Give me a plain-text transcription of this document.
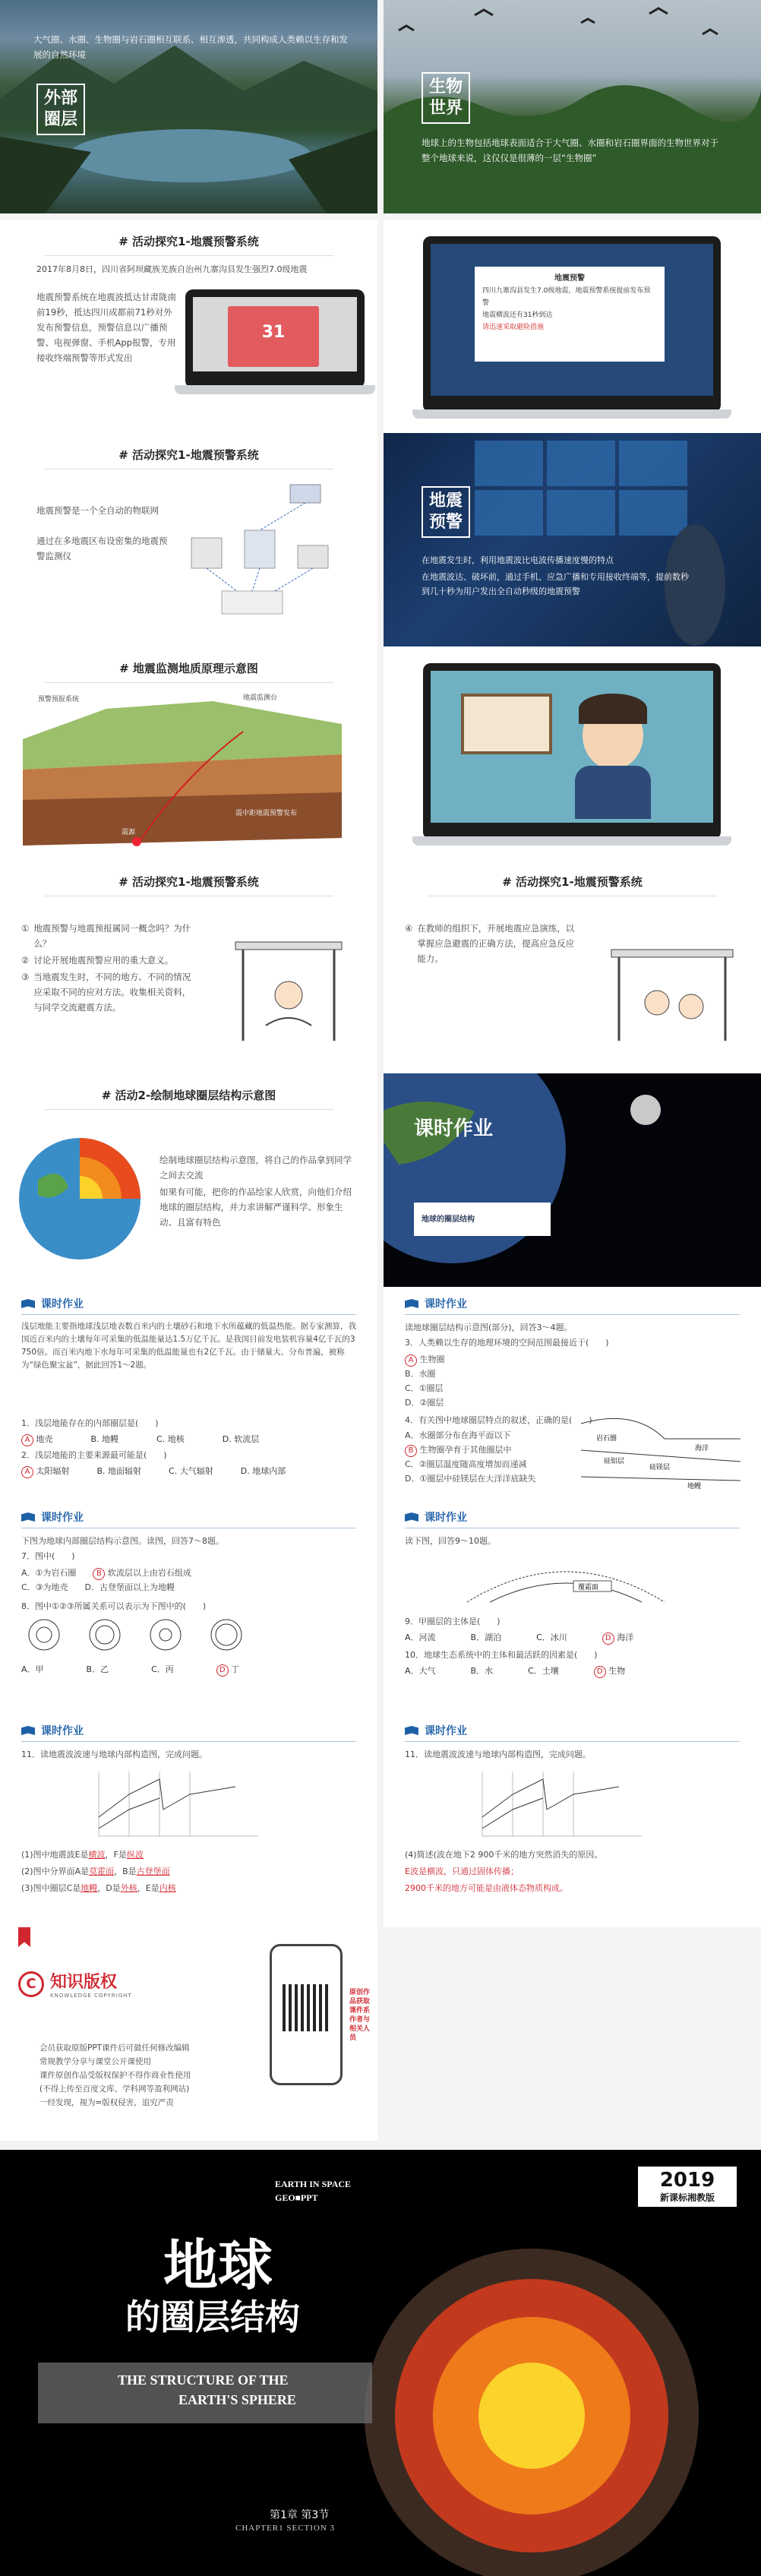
外部
圈层
大气圈、水圈、生物圈与岩石圈相互联系、相互渗透，共同构成人类赖以生存和发展的自然环境
生物
世界
地球上的生物包括地球表面适合于大气圈、水圈和岩石圈界面的生物世界对于整个地球来说，这仅仅是很薄的一层“生物圈”
# 活动探究1-地震预警系统
2017年8月8日，四川省阿坝藏族羌族自治州九寨沟县发生强烈7.0级地震
地震预警系统在地震波抵达甘肃陇南前19秒，抵达四川成都前71秒对外发布预警信息，预警信息以广播预警、电视弹窗、手机App报警，专用接收终端预警等形式发出
31
地震预警
四川九寨沟县发生7.0级地震，地震预警系统提前发布预警
地震横波还有31秒到达
请迅速采取避险措施
# 活动探究1-地震预警系统
地震预警是一个全自动的物联网
通过在多地震区布设密集的地震预警监测仪
地震
预警
在地震发生时，利用地震波比电波传播速度慢的特点
在地震波达、破坏前，通过手机、应急广播和专用接收终端等，提前数秒到几十秒为用户发出全自动秒级的地震预警
# 地震监测地质原理示意图
预警预报系统	地震监测台
震中距地震预警发布
震源
# 活动探究1-地震预警系统
① 地震预警与地震预报属同一概念吗？为什么？
② 讨论开展地震预警应用的重大意义。
③ 当地震发生时，不同的地方、不同的情况应采取不同的应对方法。收集相关资料，与同学交流避震方法。
# 活动探究1-地震预警系统
④ 在教师的组织下，开展地震应急演练，以掌握应急避震的正确方法，提高应急反应能力。
# 活动2-绘制地球圈层结构示意图
绘制地球圈层结构示意图，将自己的作品拿到同学之间去交流
如果有可能，把你的作品绘家人欣赏，向他们介绍地球的圈层结构，并力求讲解严谨科学、形象生动、且富有特色
课时作业
地球的圈层结构
课时作业
浅层地能主要指地球浅层地表数百米内的土壤砂石和地下水所蕴藏的低温热能。据专家测算，我国近百米内的土壤每年可采集的低温能量达1.5万亿千瓦。是我国目前发电装机容量4亿千瓦的3 750倍。而百米内地下水每年可采集的低温能量也有2亿千瓦。由于储量大、分布普遍，被称为“绿色聚宝盆”，据此回答1～2题。
1．浅层地能存在的内部圈层是(　　)
A 地壳	B. 地幔	C. 地核	D. 软流层
2．浅层地能的主要来源最可能是(　　)
A 太阳辐射	B. 地面辐射	C. 大气辐射	D. 地球内部
课时作业
读地球圈层结构示意图(部分)，回答3～4题。
3．人类赖以生存的地理环境的空间范围最接近于(　　)
A 生物圈
B．水圈
C．①圈层
D．②圈层
4．有关图中地球圈层特点的叙述，正确的是(　　)
A．水圈部分布在海平面以下
B 生物圈孕育于其他圈层中
C．②圈层温度随高度增加而递减
D．①圈层中硅镁层在大洋洋底缺失
岩石圈
海洋
硅镁层
硅铝层
地幔
课时作业
下图为地球内部圈层结构示意图。读图，回答7～8题。
7．图中(　　)
A．①为岩石圈　　	B 软流层以上由岩石组成
C．③为地壳　　D．古登堡面以上为地幔
8．图中①②③所属关系可以表示为下图中的(　　)
A．甲	B．乙	C．丙	D 丁
课时作业
读下图，回答9～10题。
覆霜面
9．甲圈层的主体是(　　)
A．河流	B．湖泊	C．冰川	D 海洋
10．地球生态系统中的主体和最活跃的因素是(　　)
A．大气	B．水	C．土壤	D 生物
课时作业
11．读地震波波速与地球内部构造图，完成问题。
(1)图中地震波E是横波，F是纵波
(2)图中分界面A是莫霍面，B是古登堡面
(3)图中圈层C是地幔，D是外核，E是内核
课时作业
11．读地震波波速与地球内部构造图，完成问题。
(4)简述(波在地下2 900千米的地方突然消失的原因。
E波是横波，只通过固体传播；
2900千米的地方可能是由液体态物质构成。
C 知识版权
KNOWLEDGE COPYRIGHT
会员获取原版PPT课件后可做任何修改编辑
常规教学分享与课堂公开课使用
课件原创作品受版权保护不得作商业性使用
(不得上传至百度文库、学科网等盈利网站)
一经发现，视为=版权侵害，追究严责
原创作品获取课件系作者与相关人员
2019
新课标湘教版
EARTH IN SPACE
GEO■PPT
地球
的圈层结构
THE STRUCTURE OF THE
EARTH'S SPHERE
第1章 第3节
CHAPTER1 SECTION 3
